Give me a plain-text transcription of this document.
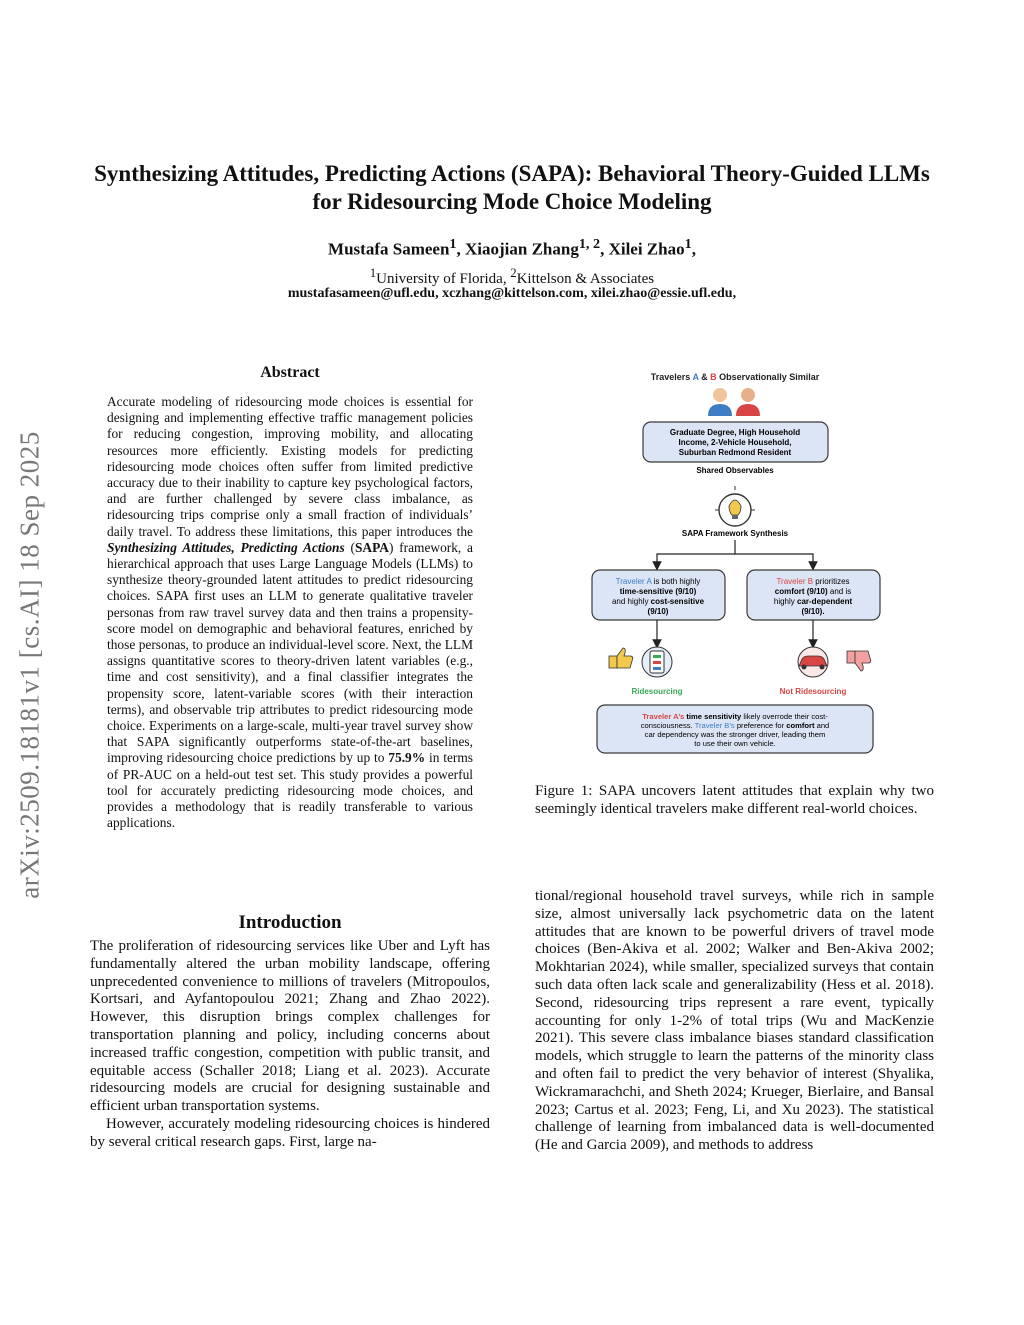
Synthesizing Attitudes, Predicting Actions (SAPA): Behavioral Theory-Guided LLMs for Ridesourcing Mode Choice Modeling
Mustafa Sameen$^1$, Xiaojian Zhang$^{1, 2}$, Xilei Zhao$^1$,
$^1$University of Florida, $^2$Kittelson & Associates
mustafasameen@ufl.edu, xczhang@kittelson.com, xilei.zhao@essie.ufl.edu,
arXiv:2509.18181v1 [cs.AI] 18 Sep 2025
Abstract
Accurate modeling of ridesourcing mode choices is essential for designing and implementing effective traffic management policies for reducing congestion, improving mobility, and allocating resources more efficiently. Existing models for predicting ridesourcing mode choices often suffer from limited predictive accuracy due to their inability to capture key psychological factors, and are further challenged by severe class imbalance, as ridesourcing trips comprise only a small fraction of individuals’ daily travel. To address these limitations, this paper introduces the Synthesizing Attitudes, Predicting Actions (SAPA) framework, a hierarchical approach that uses Large Language Models (LLMs) to synthesize theory-grounded latent attitudes to predict ridesourcing choices. SAPA first uses an LLM to generate qualitative traveler personas from raw travel survey data and then trains a propensity-score model on demographic and behavioral features, enriched by those personas, to produce an individual-level score. Next, the LLM assigns quantitative scores to theory-driven latent variables (e.g., time and cost sensitivity), and a final classifier integrates the propensity score, latent-variable scores (with their interaction terms), and observable trip attributes to predict ridesourcing mode choice. Experiments on a large-scale, multi-year travel survey show that SAPA significantly outperforms state-of-the-art baselines, improving ridesourcing choice predictions by up to 75.9% in terms of PR-AUC on a held-out test set. This study provides a powerful tool for accurately predicting ridesourcing mode choices, and provides a methodology that is readily transferable to various applications.
Introduction

The proliferation of ridesourcing services like Uber and Lyft has fundamentally altered the urban mobility landscape, offering unprecedented convenience to millions of travelers (Mitropoulos, Kortsari, and Ayfantopoulou 2021; Zhang and Zhao 2022). However, this disruption brings complex challenges for transportation planning and policy, including concerns about increased traffic congestion, competition with public transit, and equitable access (Schaller 2018; Liang et al. 2023). Accurate ridesourcing models are crucial for designing sustainable and efficient urban transportation systems.

However, accurately modeling ridesourcing choices is hindered by several critical research gaps. First, large na-

Travelers A & B Observationally Similar
Graduate Degree, High Household
Income, 2-Vehicle Household,
Suburban Redmond Resident
Shared Observables
SAPA Framework Synthesis
Traveler A is both highly
time-sensitive (9/10)
and highly cost-sensitive
(9/10)
Traveler B prioritizes
comfort (9/10) and is
highly car-dependent
(9/10).
Ridesourcing	Not Ridesourcing
Traveler A’s time sensitivity likely overrode their cost-
consciousness. Traveler B’s preference for comfort and
car dependency was the stronger driver, leading them
to use their own vehicle.
Figure 1: SAPA uncovers latent attitudes that explain why two seemingly identical travelers make different real-world choices.
tional/regional household travel surveys, while rich in sample size, almost universally lack psychometric data on the latent attitudes that are known to be powerful drivers of travel mode choices (Ben-Akiva et al. 2002; Walker and Ben-Akiva 2002; Mokhtarian 2024), while smaller, specialized surveys that contain such data often lack scale and generalizability (Hess et al. 2018). Second, ridesourcing trips represent a rare event, typically accounting for only 1-2% of total trips (Wu and MacKenzie 2021). This severe class imbalance biases standard classification models, which struggle to learn the patterns of the minority class and often fail to predict the very behavior of interest (Shyalika, Wickramarachchi, and Sheth 2024; Krueger, Bierlaire, and Bansal 2023; Cartus et al. 2023; Feng, Li, and Xu 2023). The statistical challenge of learning from imbalanced data is well-documented (He and Garcia 2009), and methods to address
